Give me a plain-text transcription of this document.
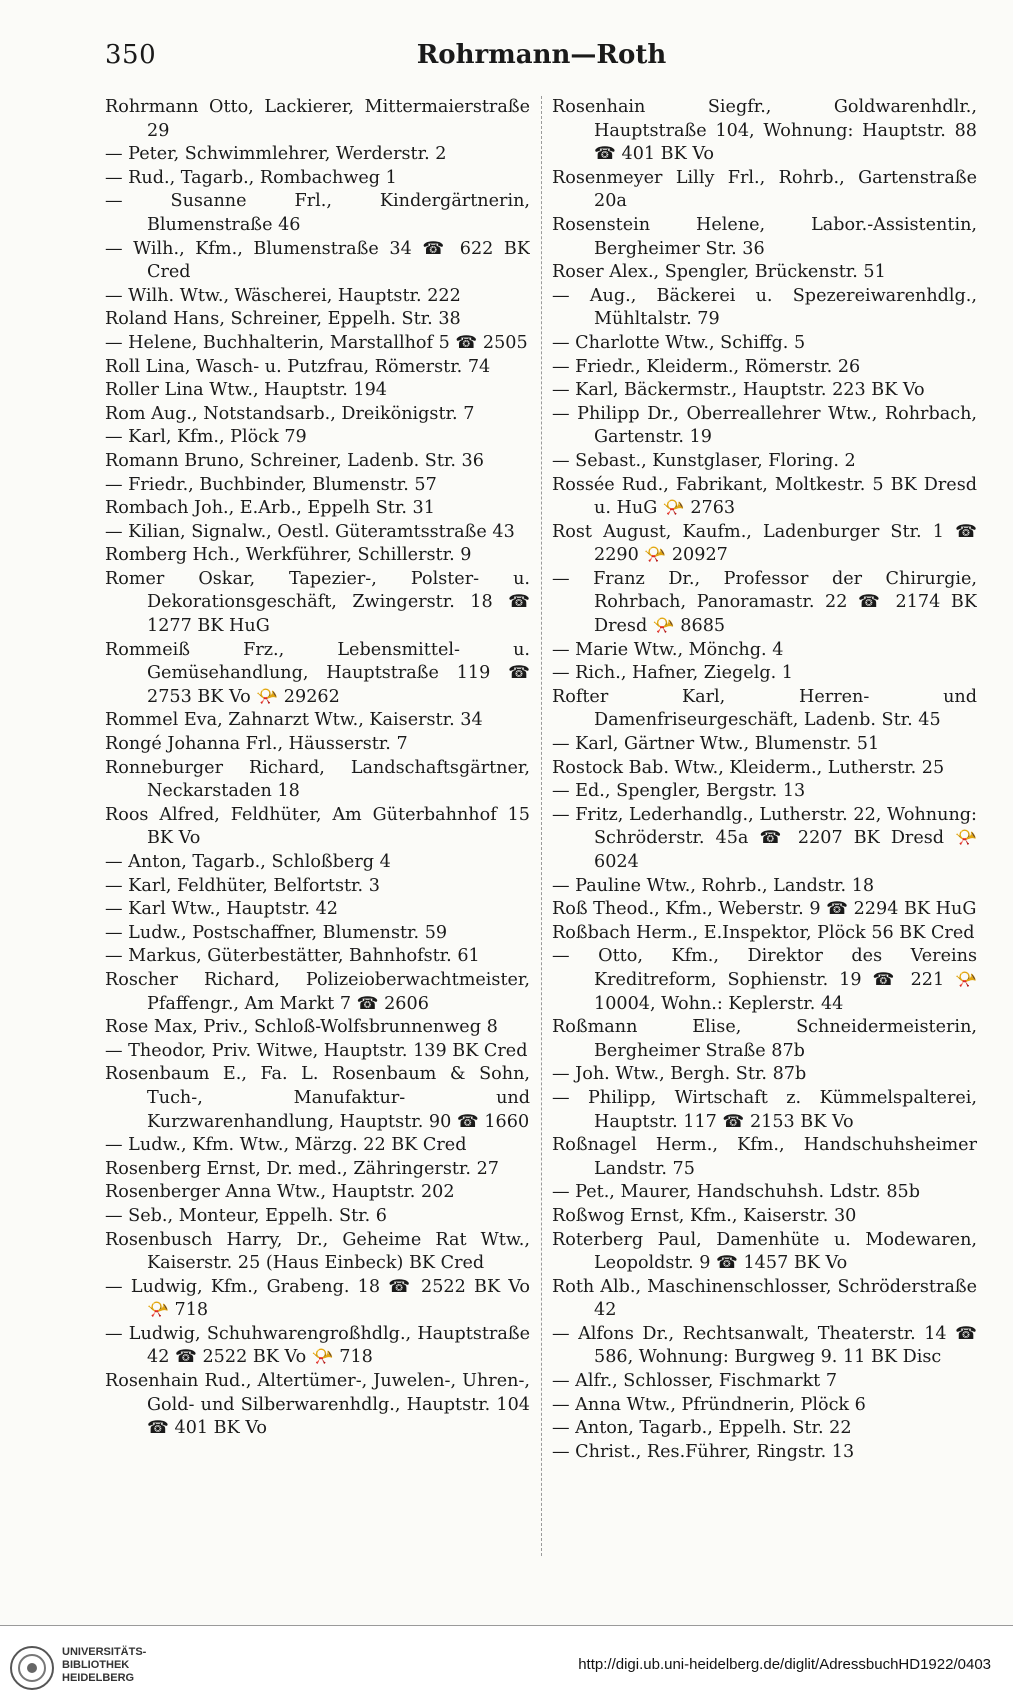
350	Rohrmann—Roth
Rohrmann Otto, Lackierer, Mittermaierstraße 29
— Peter, Schwimmlehrer, Werderstr. 2
— Rud., Tagarb., Rombachweg 1
— Susanne Frl., Kindergärtnerin, Blumenstraße 46
— Wilh., Kfm., Blumenstraße 34 ☎ 622 BK Cred
— Wilh. Wtw., Wäscherei, Hauptstr. 222
Roland Hans, Schreiner, Eppelh. Str. 38
— Helene, Buchhalterin, Marstallhof 5 ☎ 2505
Roll Lina, Wasch- u. Putzfrau, Römerstr. 74
Roller Lina Wtw., Hauptstr. 194
Rom Aug., Notstandsarb., Dreikönigstr. 7
— Karl, Kfm., Plöck 79
Romann Bruno, Schreiner, Ladenb. Str. 36
— Friedr., Buchbinder, Blumenstr. 57
Rombach Joh., E.Arb., Eppelh Str. 31
— Kilian, Signalw., Oestl. Güteramtsstraße 43
Romberg Hch., Werkführer, Schillerstr. 9
Romer Oskar, Tapezier-, Polster- u. Dekorationsgeschäft, Zwingerstr. 18 ☎ 1277 BK HuG
Rommeiß Frz., Lebensmittel- u. Gemüsehandlung, Hauptstraße 119 ☎ 2753 BK Vo 📯 29262
Rommel Eva, Zahnarzt Wtw., Kaiserstr. 34
Rongé Johanna Frl., Häusserstr. 7
Ronneburger Richard, Landschaftsgärtner, Neckarstaden 18
Roos Alfred, Feldhüter, Am Güterbahnhof 15 BK Vo
— Anton, Tagarb., Schloßberg 4
— Karl, Feldhüter, Belfortstr. 3
— Karl Wtw., Hauptstr. 42
— Ludw., Postschaffner, Blumenstr. 59
— Markus, Güterbestätter, Bahnhofstr. 61
Roscher Richard, Polizeioberwachtmeister, Pfaffengr., Am Markt 7 ☎ 2606
Rose Max, Priv., Schloß-Wolfsbrunnenweg 8
— Theodor, Priv. Witwe, Hauptstr. 139 BK Cred
Rosenbaum E., Fa. L. Rosenbaum & Sohn, Tuch-, Manufaktur- und Kurzwarenhandlung, Hauptstr. 90 ☎ 1660
— Ludw., Kfm. Wtw., Märzg. 22 BK Cred
Rosenberg Ernst, Dr. med., Zähringerstr. 27
Rosenberger Anna Wtw., Hauptstr. 202
— Seb., Monteur, Eppelh. Str. 6
Rosenbusch Harry, Dr., Geheime Rat Wtw., Kaiserstr. 25 (Haus Einbeck) BK Cred
— Ludwig, Kfm., Grabeng. 18 ☎ 2522 BK Vo 📯 718
— Ludwig, Schuhwarengroßhdlg., Hauptstraße 42 ☎ 2522 BK Vo 📯 718
Rosenhain Rud., Altertümer-, Juwelen-, Uhren-, Gold- und Silberwarenhdlg., Hauptstr. 104 ☎ 401 BK Vo
Rosenhain Siegfr., Goldwarenhdlr., Hauptstraße 104, Wohnung: Hauptstr. 88 ☎ 401 BK Vo
Rosenmeyer Lilly Frl., Rohrb., Gartenstraße 20a
Rosenstein Helene, Labor.-Assistentin, Bergheimer Str. 36
Roser Alex., Spengler, Brückenstr. 51
— Aug., Bäckerei u. Spezereiwarenhdlg., Mühltalstr. 79
— Charlotte Wtw., Schiffg. 5
— Friedr., Kleiderm., Römerstr. 26
— Karl, Bäckermstr., Hauptstr. 223 BK Vo
— Philipp Dr., Oberreallehrer Wtw., Rohrbach, Gartenstr. 19
— Sebast., Kunstglaser, Floring. 2
Rossée Rud., Fabrikant, Moltkestr. 5 BK Dresd u. HuG 📯 2763
Rost August, Kaufm., Ladenburger Str. 1 ☎ 2290 📯 20927
— Franz Dr., Professor der Chirurgie, Rohrbach, Panoramastr. 22 ☎ 2174 BK Dresd 📯 8685
— Marie Wtw., Mönchg. 4
— Rich., Hafner, Ziegelg. 1
Rofter Karl, Herren- und Damenfriseurgeschäft, Ladenb. Str. 45
— Karl, Gärtner Wtw., Blumenstr. 51
Rostock Bab. Wtw., Kleiderm., Lutherstr. 25
— Ed., Spengler, Bergstr. 13
— Fritz, Lederhandlg., Lutherstr. 22, Wohnung: Schröderstr. 45a ☎ 2207 BK Dresd 📯 6024
— Pauline Wtw., Rohrb., Landstr. 18
Roß Theod., Kfm., Weberstr. 9 ☎ 2294 BK HuG
Roßbach Herm., E.Inspektor, Plöck 56 BK Cred
— Otto, Kfm., Direktor des Vereins Kreditreform, Sophienstr. 19 ☎ 221 📯 10004, Wohn.: Keplerstr. 44
Roßmann Elise, Schneidermeisterin, Bergheimer Straße 87b
— Joh. Wtw., Bergh. Str. 87b
— Philipp, Wirtschaft z. Kümmelspalterei, Hauptstr. 117 ☎ 2153 BK Vo
Roßnagel Herm., Kfm., Handschuhsheimer Landstr. 75
— Pet., Maurer, Handschuhsh. Ldstr. 85b
Roßwog Ernst, Kfm., Kaiserstr. 30
Roterberg Paul, Damenhüte u. Modewaren, Leopoldstr. 9 ☎ 1457 BK Vo
Roth Alb., Maschinenschlosser, Schröderstraße 42
— Alfons Dr., Rechtsanwalt, Theaterstr. 14 ☎ 586, Wohnung: Burgweg 9. 11 BK Disc
— Alfr., Schlosser, Fischmarkt 7
— Anna Wtw., Pfründnerin, Plöck 6
— Anton, Tagarb., Eppelh. Str. 22
— Christ., Res.Führer, Ringstr. 13
UNIVERSITÄTS-
BIBLIOTHEK
HEIDELBERG
http://digi.ub.uni-heidelberg.de/diglit/AdressbuchHD1922/0403
